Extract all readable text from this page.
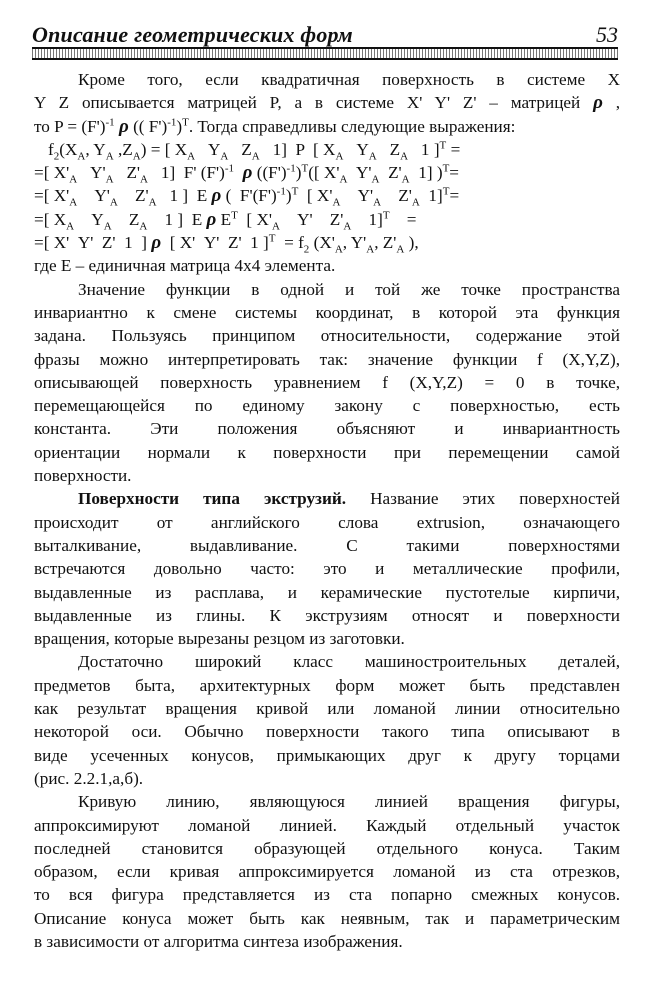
Описание геометрических форм	53
Кроме того, если квадратичная поверхность в системе X
Y Z описывается матрицей P, а в системе X' Y' Z' – матрицей ρ ,
то $P = (F')^{-1}$ ρ (( F')$^{-1}$)$^T$. Тогда справедливы следующие выражения:
$f_2(X_A$, $Y_A$ $,Z_A$) = [ $X_A$   $Y_A$   $Z_A$   1]  P  [ $X_A$   $Y_A$   $Z_A$   1 ]$^T$ =
=[ $X'_A$   $Y'_A$   $Z'_A$   1]  F' $(F')^{-1}$ ρ $((F')^{-1})^T$([ $X'_A$  $Y'_A$  $Z'_A$  1] )$^T$=
=[ $X'_A$    $Y'_A$    $Z'_A$   1 ]  E ρ (  $F'(F')^{-1})^T$  [ $X'_A$    $Y'_A$    $Z'_A$  1]$^T$=
=[ $X_A$    $Y_A$    $Z_A$    1 ]  E ρ $E^T$  [ $X'_A$    Y'    $Z'_A$    1]$^T$    =
=[ X'  Y'  Z'  1  ] ρ  [ X'  Y'  Z'  1 ]$^T = f_2$ ($X'_A$, $Y'_A$, $Z'_A$ ),
где E – единичная матрица 4x4 элемента.
Значение функции в одной и той же точке пространства
инвариантно к смене системы координат, в которой эта функция
задана. Пользуясь принципом относительности, содержание этой
фразы можно интерпретировать так: значение функции f (X,Y,Z),
описывающей поверхность уравнением f (X,Y,Z) = 0 в точке,
перемещающейся по единому закону с поверхностью, есть
константа. Эти положения объясняют и инвариантность
ориентации нормали к поверхности при перемещении самой
поверхности.
Поверхности типа экструзий. Название этих поверхностей
происходит от английского слова extrusion, означающего
выталкивание, выдавливание. С такими поверхностями
встречаются довольно часто: это и металлические профили,
выдавленные из расплава, и керамические пустотелые кирпичи,
выдавленные из глины. К экструзиям относят и поверхности
вращения, которые вырезаны резцом из заготовки.
Достаточно широкий класс машиностроительных деталей,
предметов быта, архитектурных форм может быть представлен
как результат вращения кривой или ломаной линии относительно
некоторой оси. Обычно поверхности такого типа описывают в
виде усеченных конусов, примыкающих друг к другу торцами
(рис. 2.2.1,а,б).
Кривую линию, являющуюся линией вращения фигуры,
аппроксимируют ломаной линией. Каждый отдельный участок
последней становится образующей отдельного конуса. Таким
образом, если кривая аппроксимируется ломаной из ста отрезков,
то вся фигура представляется из ста попарно смежных конусов.
Описание конуса может быть как неявным, так и параметрическим
в зависимости от алгоритма синтеза изображения.
